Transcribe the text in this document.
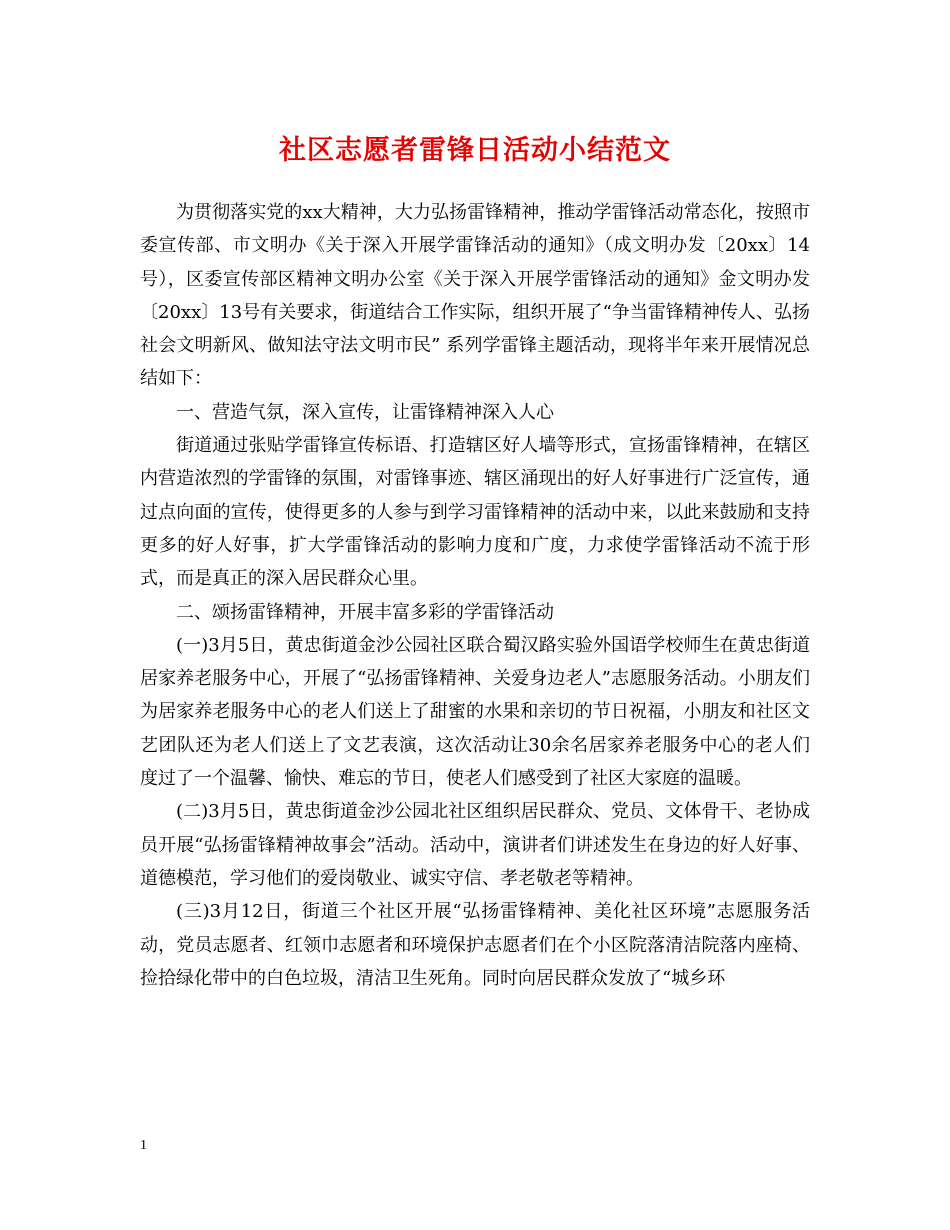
社区志愿者雷锋日活动小结范文

为贯彻落实党的xx大精神，大力弘扬雷锋精神，推动学雷锋活动常态化，按照市委宣传部、市文明办《关于深入开展学雷锋活动的通知》（成文明办发〔20xx〕14号），区委宣传部区精神文明办公室《关于深入开展学雷锋活动的通知》金文明办发〔20xx〕13号有关要求，街道结合工作实际，组织开展了“争当雷锋精神传人、弘扬社会文明新风、做知法守法文明市民” 系列学雷锋主题活动，现将半年来开展情况总结如下：

一、营造气氛，深入宣传，让雷锋精神深入人心

街道通过张贴学雷锋宣传标语、打造辖区好人墙等形式，宣扬雷锋精神，在辖区内营造浓烈的学雷锋的氛围，对雷锋事迹、辖区涌现出的好人好事进行广泛宣传，通过点向面的宣传，使得更多的人参与到学习雷锋精神的活动中来，以此来鼓励和支持更多的好人好事，扩大学雷锋活动的影响力度和广度，力求使学雷锋活动不流于形式，而是真正的深入居民群众心里。

二、颂扬雷锋精神，开展丰富多彩的学雷锋活动

(一)3月5日，黄忠街道金沙公园社区联合蜀汉路实验外国语学校师生在黄忠街道居家养老服务中心，开展了“弘扬雷锋精神、关爱身边老人”志愿服务活动。小朋友们为居家养老服务中心的老人们送上了甜蜜的水果和亲切的节日祝福，小朋友和社区文艺团队还为老人们送上了文艺表演，这次活动让30余名居家养老服务中心的老人们度过了一个温馨、愉快、难忘的节日，使老人们感受到了社区大家庭的温暖。

(二)3月5日，黄忠街道金沙公园北社区组织居民群众、党员、文体骨干、老协成员开展“弘扬雷锋精神故事会”活动。活动中，演讲者们讲述发生在身边的好人好事、道德模范，学习他们的爱岗敬业、诚实守信、孝老敬老等精神。

(三)3月12日，街道三个社区开展“弘扬雷锋精神、美化社区环境”志愿服务活动，党员志愿者、红领巾志愿者和环境保护志愿者们在个小区院落清洁院落内座椅、捡拾绿化带中的白色垃圾，清洁卫生死角。同时向居民群众发放了“城乡环

1
